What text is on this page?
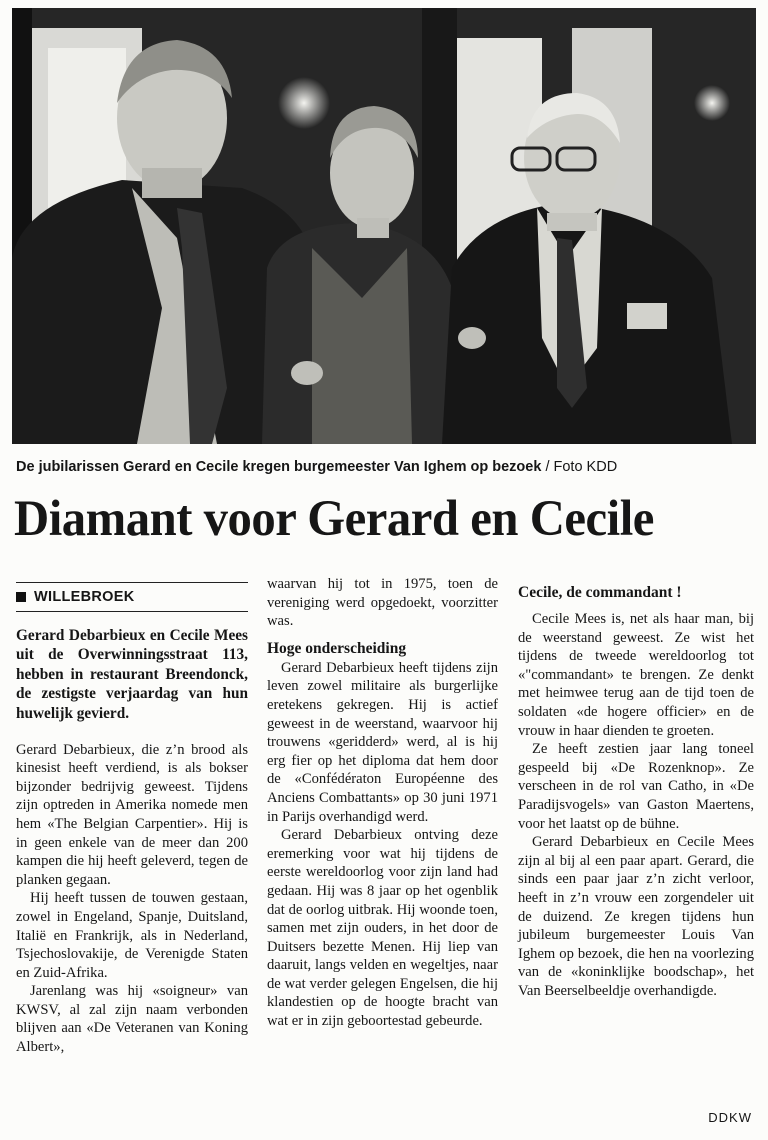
De jubilarissen Gerard en Cecile kregen burgemeester Van Ighem op bezoek / Foto KDD
Diamant voor Gerard en Cecile
WILLEBROEK

Gerard Debarbieux en Cecile Mees uit de Overwinningsstraat 113, hebben in restaurant Breendonck, de zestigste verjaardag van hun huwelijk gevierd.

Gerard Debarbieux, die z’n brood als kinesist heeft verdiend, is als bokser bijzonder bedrijvig geweest. Tijdens zijn optreden in Amerika nomede men hem «The Belgian Carpentier». Hij is in geen enkele van de meer dan 200 kampen die hij heeft geleverd, tegen de planken gegaan.

Hij heeft tussen de touwen gestaan, zowel in Engeland, Spanje, Duitsland, Italië en Frankrijk, als in Nederland, Tsjechoslovakije, de Verenigde Staten en Zuid-Afrika.

Jarenlang was hij «soigneur» van KWSV, al zal zijn naam verbonden blijven aan «De Veteranen van Koning Albert»,

waarvan hij tot in 1975, toen de vereniging werd opgedoekt, voorzitter was.

Hoge onderscheiding

Gerard Debarbieux heeft tijdens zijn leven zowel militaire als burgerlijke eretekens gekregen. Hij is actief geweest in de weerstand, waarvoor hij trouwens «geridderd» werd, al is hij erg fier op het diploma dat hem door de «Confédératon Européenne des Anciens Combattants» op 30 juni 1971 in Parijs overhandigd werd.

Gerard Debarbieux ontving deze eremerking voor wat hij tijdens de eerste wereldoorlog voor zijn land had gedaan. Hij was 8 jaar op het ogenblik dat de oorlog uitbrak. Hij woonde toen, samen met zijn ouders, in het door de Duitsers bezette Menen. Hij liep van daaruit, langs velden en wegeltjes, naar de wat verder gelegen Engelsen, die hij klandestien op de hoogte bracht van wat er in zijn geboortestad gebeurde.

Cecile, de commandant !

Cecile Mees is, net als haar man, bij de weerstand geweest. Ze wist het tijdens de tweede wereldoorlog tot «"commandant» te brengen. Ze denkt met heimwee terug aan de tijd toen de soldaten «de hogere officier» en de vrouw in haar dienden te groeten.

Ze heeft zestien jaar lang toneel gespeeld bij «De Rozenknop». Ze verscheen in de rol van Catho, in «De Paradijsvogels» van Gaston Maertens, voor het laatst op de bühne.

Gerard Debarbieux en Cecile Mees zijn al bij al een paar apart. Gerard, die sinds een paar jaar z’n zicht verloor, heeft in z’n vrouw een zorgendeler uit de duizend. Ze kregen tijdens hun jubileum burgemeester Louis Van Ighem op bezoek, die hen na voorlezing van de «koninklijke boodschap», het Van Beerselbeeldje overhandigde.

DDKW
